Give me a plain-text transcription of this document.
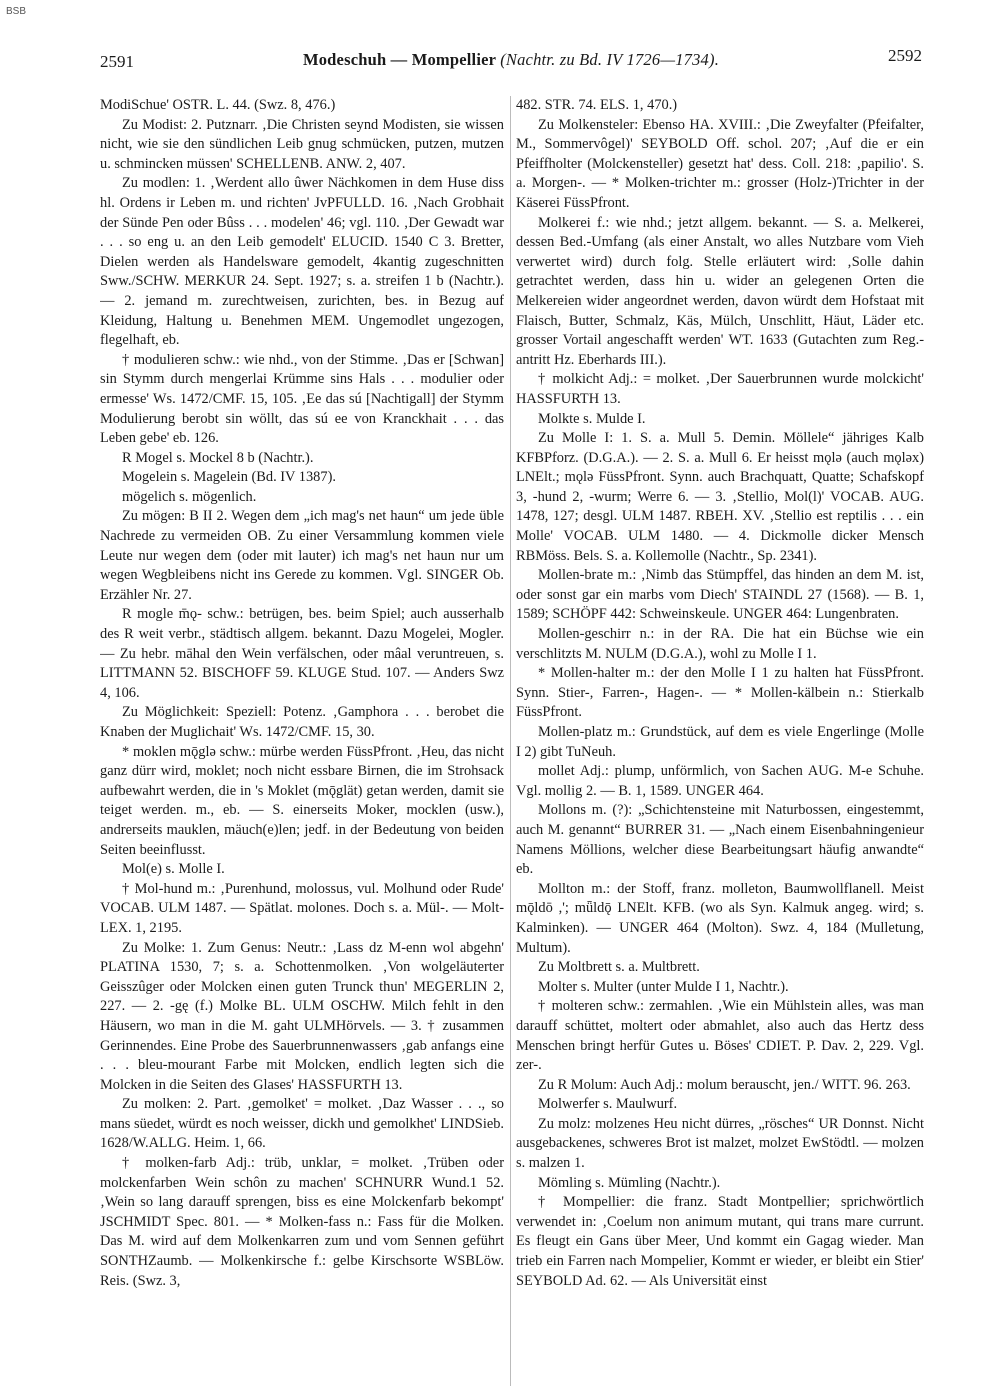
BSB
2591	Modeschuh — Mompellier (Nachtr. zu Bd. IV 1726—1734).	2592

ModiSchue' OSTR. L. 44. (Swz. 8, 476.)

Zu Modist: 2. Putznarr. ‚Die Christen seynd Modisten, sie wissen nicht, wie sie den sündlichen Leib gnug schmücken, putzen, mutzen u. schmincken müssen' SCHELLENB. ANW. 2, 407.

Zu modlen: 1. ‚Werdent allo ûwer Nächkomen in dem Huse diss hl. Ordens ir Leben m. und richten' JvPFULLD. 16. ‚Nach Grobhait der Sünde Pen oder Bûss . . . modelen' 46; vgl. 110. ‚Der Gewadt war . . . so eng u. an den Leib gemodelt' ELUCID. 1540 C 3. Bretter, Dielen werden als Handelsware gemodelt, 4kantig zugeschnitten Sww./SCHW. MERKUR 24. Sept. 1927; s. a. streifen 1 b (Nachtr.). — 2. jemand m. zurechtweisen, zurichten, bes. in Bezug auf Kleidung, Haltung u. Benehmen MEM. Ungemodlet ungezogen, flegelhaft, eb.

† modulieren schw.: wie nhd., von der Stimme. ‚Das er [Schwan] sin Stymm durch mengerlai Krümme sins Hals . . . modulier oder ermesse' Ws. 1472/CMF. 15, 105. ‚Ee das sú [Nachtigall] der Stymm Modulierung berobt sin wöllt, das sú ee von Kranckhait . . . das Leben gebe' eb. 126.

R Mogel s. Mockel 8 b (Nachtr.).

Mogelein s. Magelein (Bd. IV 1387).

mögelich s. mögenlich.

Zu mögen: B II 2. Wegen dem „ich mag's net haun“ um jede üble Nachrede zu vermeiden OB. Zu einer Versammlung kommen viele Leute nur wegen dem (oder mit lauter) ich mag's net haun nur um wegen Wegbleibens nicht ins Gerede zu kommen. Vgl. SINGER Ob. Erzähler Nr. 27.

R mogle m̄ǫ- schw.: betrügen, bes. beim Spiel; auch ausserhalb des R weit verbr., städtisch allgem. bekannt. Dazu Mogelei, Mogler. — Zu hebr. māhal den Wein verfälschen, oder mâal veruntreuen, s. LITTMANN 52. BISCHOFF 59. KLUGE Stud. 107. — Anders Swz 4, 106.

Zu Möglichkeit: Speziell: Potenz. ‚Gamphora . . . berobet die Knaben der Muglichait' Ws. 1472/CMF. 15, 30.

* moklen mǭglə schw.: mürbe werden FüssPfront. ‚Heu, das nicht ganz dürr wird, moklet; noch nicht essbare Birnen, die im Strohsack aufbewahrt werden, die in 's Moklet (mǭglät) getan werden, damit sie teiget werden. m., eb. — S. einerseits Moker, mocklen (usw.), andrerseits mauklen, mäuch(e)len; jedf. in der Bedeutung von beiden Seiten beeinflusst.

Mol(e) s. Molle I.

† Mol-hund m.: ‚Purenhund, molossus, vul. Molhund oder Rude' VOCAB. ULM 1487. — Spätlat. molones. Doch s. a. Mül-. — Molt- LEX. 1, 2195.

Zu Molke: 1. Zum Genus: Neutr.: ‚Lass dz M-enn wol abgehn' PLATINA 1530, 7; s. a. Schottenmolken. ‚Von wolgeläuterter Geisszûger oder Molcken einen guten Trunck thun' MEGERLIN 2, 227. — 2. -gę (f.) Molke BL. ULM OSCHW. Milch fehlt in den Häusern, wo man in die M. gaht ULMHörvels. — 3. † zusammen Gerinnendes. Eine Probe des Sauerbrunnenwassers ‚gab anfangs eine . . . bleu-mourant Farbe mit Molcken, endlich legten sich die Molcken in die Seiten des Glases' HASSFURTH 13.

Zu molken: 2. Part. ‚gemolket' = molket. ‚Daz Wasser . . ., so mans süedet, würdt es noch weisser, dickh und gemolkhet' LINDSieb. 1628/W.ALLG. Heim. 1, 66.

† molken-farb Adj.: trüb, unklar, = molket. ‚Trüben oder molckenfarben Wein schôn zu machen' SCHNURR Wund.1 52. ‚Wein so lang darauff sprengen, biss es eine Molckenfarb bekompt' JSCHMIDT Spec. 801. — * Molken-fass n.: Fass für die Molken. Das M. wird auf dem Molkenkarren zum und vom Sennen geführt SONTHZaumb. — Molkenkirsche f.: gelbe Kirschsorte WSBLöw. Reis. (Swz. 3,

482. STR. 74. ELS. 1, 470.)

Zu Molkensteler: Ebenso HA. XVIII.: ‚Die Zweyfalter (Pfeifalter, M., Sommervôgel)' SEYBOLD Off. schol. 207; ‚Auf die er ein Pfeiffholter (Molckensteller) gesetzt hat' dess. Coll. 218: ‚papilio'. S. a. Morgen-. — * Molken-trichter m.: grosser (Holz-)Trichter in der Käserei FüssPfront.

Molkerei f.: wie nhd.; jetzt allgem. bekannt. — S. a. Melkerei, dessen Bed.-Umfang (als einer Anstalt, wo alles Nutzbare vom Vieh verwertet wird) durch folg. Stelle erläutert wird: ‚Solle dahin getrachtet werden, dass hin u. wider an gelegenen Orten die Melkereien wider angeordnet werden, davon würdt dem Hofstaat mit Flaisch, Butter, Schmalz, Käs, Mülch, Unschlitt, Häut, Läder etc. grosser Vortail angeschafft werden' WT. 1633 (Gutachten zum Reg.-antritt Hz. Eberhards III.).

† molkicht Adj.: = molket. ‚Der Sauerbrunnen wurde molckicht' HASSFURTH 13.

Molkte s. Mulde I.

Zu Molle I: 1. S. a. Mull 5. Demin. Möllele“ jähriges Kalb KFBPforz. (D.G.A.). — 2. S. a. Mull 6. Er heisst mǫlə (auch mǫləx) LNElt.; mǫlə FüssPfront. Synn. auch Brachquatt, Quatte; Schafskopf 3, -hund 2, -wurm; Werre 6. — 3. ‚Stellio, Mol(l)' VOCAB. AUG. 1478, 127; desgl. ULM 1487. RBEH. XV. ‚Stellio est reptilis . . . ein Molle' VOCAB. ULM 1480. — 4. Dickmolle dicker Mensch RBMöss. Bels. S. a. Kollemolle (Nachtr., Sp. 2341).

Mollen-brate m.: ‚Nimb das Stümpffel, das hinden an dem M. ist, oder sonst gar ein marbs vom Diech' STAINDL 27 (1568). — B. 1, 1589; SCHÖPF 442: Schweinskeule. UNGER 464: Lungenbraten.

Mollen-geschirr n.: in der RA. Die hat ein Büchse wie ein verschlitzts M. NULM (D.G.A.), wohl zu Molle I 1.

* Mollen-halter m.: der den Molle I 1 zu halten hat FüssPfront. Synn. Stier-, Farren-, Hagen-. — * Mollen-kälbein n.: Stierkalb FüssPfront.

Mollen-platz m.: Grundstück, auf dem es viele Engerlinge (Molle I 2) gibt TuNeuh.

mollet Adj.: plump, unförmlich, von Sachen AUG. M-e Schuhe. Vgl. mollig 2. — B. 1, 1589. UNGER 464.

Mollons m. (?): „Schichtensteine mit Naturbossen, eingestemmt, auch M. genannt“ BURRER 31. — „Nach einem Eisenbahningenieur Namens Möllions, welcher diese Bearbeitungsart häufig anwandte“ eb.

Mollton m.: der Stoff, franz. molleton, Baumwollflanell. Meist mǭldō ,'; mǖldǭ LNElt. KFB. (wo als Syn. Kalmuk angeg. wird; s. Kalminken). — UNGER 464 (Molton). Swz. 4, 184 (Mulletung, Multum).

Zu Moltbrett s. a. Multbrett.

Molter s. Multer (unter Mulde I 1, Nachtr.).

† molteren schw.: zermahlen. ‚Wie ein Mühlstein alles, was man darauff schüttet, moltert oder abmahlet, also auch das Hertz dess Menschen bringt herfür Gutes u. Böses' CDIET. P. Dav. 2, 229. Vgl. zer-.

Zu R Molum: Auch Adj.: molum berauscht, jen./ WITT. 96. 263.

Molwerfer s. Maulwurf.

Zu molz: molzenes Heu nicht dürres, „rösches“ UR Donnst. Nicht ausgebackenes, schweres Brot ist malzet, molzet EwStödtl. — molzen s. malzen 1.

Mömling s. Mümling (Nachtr.).

† Mompellier: die franz. Stadt Montpellier; sprichwörtlich verwendet in: ‚Coelum non animum mutant, qui trans mare currunt. Es fleugt ein Gans über Meer, Und kommt ein Gagag wieder. Man trieb ein Farren nach Mompelier, Kommt er wieder, er bleibt ein Stier' SEYBOLD Ad. 62. — Als Universität einst
